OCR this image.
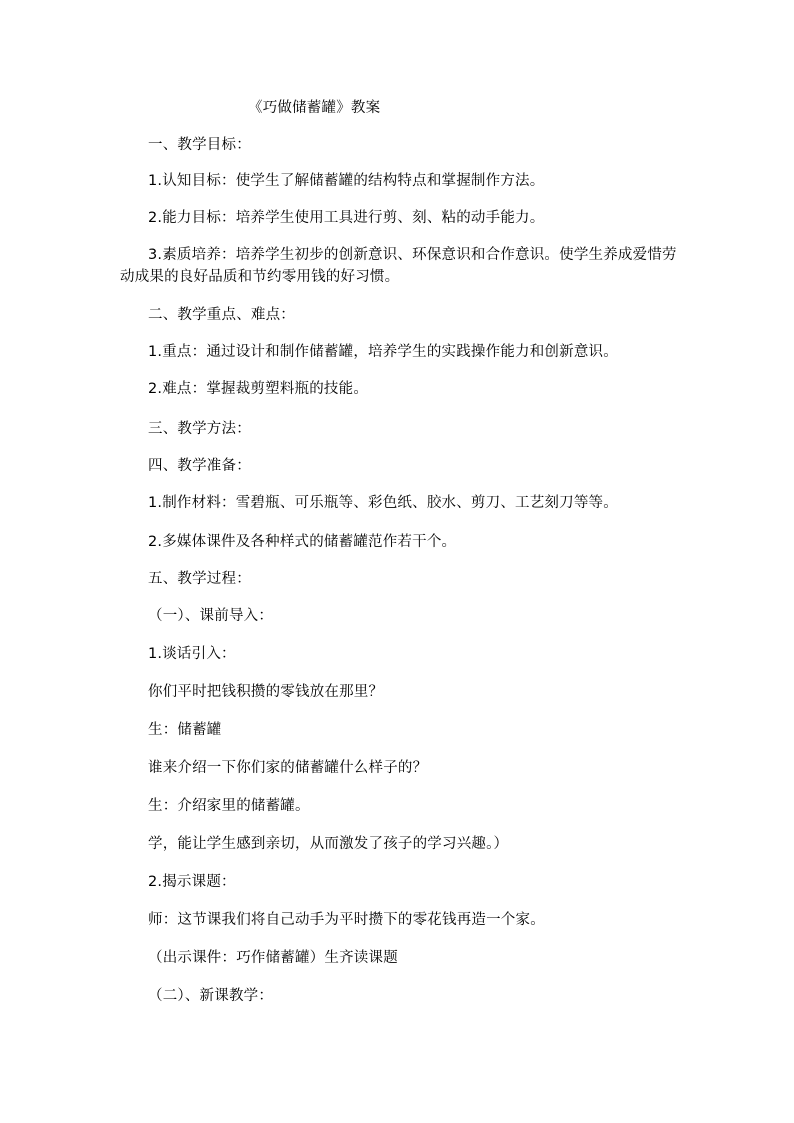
《巧做储蓄罐》教案
一、教学目标：
1.认知目标：使学生了解储蓄罐的结构特点和掌握制作方法。
2.能力目标：培养学生使用工具进行剪、刻、粘的动手能力。
3.素质培养：培养学生初步的创新意识、环保意识和合作意识。使学生养成爱惜劳动成果的良好品质和节约零用钱的好习惯。
二、教学重点、难点：
1.重点：通过设计和制作储蓄罐，培养学生的实践操作能力和创新意识。
2.难点：掌握裁剪塑料瓶的技能。
三、教学方法：
四、教学准备：
1.制作材料：雪碧瓶、可乐瓶等、彩色纸、胶水、剪刀、工艺刻刀等等。
2.多媒体课件及各种样式的储蓄罐范作若干个。
五、教学过程：
（一）、课前导入：
1.谈话引入：
你们平时把钱积攒的零钱放在那里？
生：储蓄罐
谁来介绍一下你们家的储蓄罐什么样子的？
生：介绍家里的储蓄罐。
学，能让学生感到亲切，从而激发了孩子的学习兴趣。）
2.揭示课题：
师：这节课我们将自己动手为平时攒下的零花钱再造一个家。
（出示课件：巧作储蓄罐）生齐读课题
（二）、新课教学：
